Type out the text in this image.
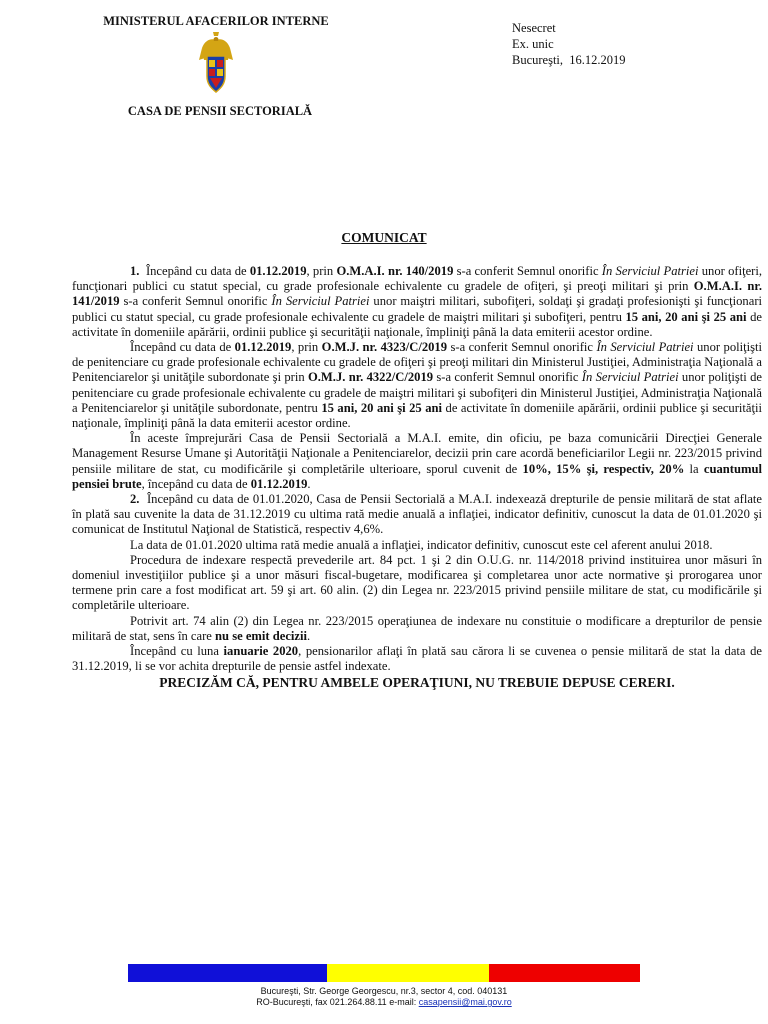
MINISTERUL AFACERILOR INTERNE
CASA DE PENSII SECTORIALĂ
Nesecret
Ex. unic
Bucureşti,  16.12.2019
COMUNICAT

1.  Începând cu data de 01.12.2019, prin O.M.A.I. nr. 140/2019 s-a conferit Semnul onorific În Serviciul Patriei unor ofiţeri, funcţionari publici cu statut special, cu grade profesionale echivalente cu gradele de ofiţeri, şi preoţi militari şi prin O.M.A.I. nr. 141/2019 s-a conferit Semnul onorific În Serviciul Patriei unor maiştri militari, subofiţeri, soldaţi şi gradaţi profesionişti şi funcţionari publici cu statut special, cu grade profesionale echivalente cu gradele de maiştri militari şi subofiţeri, pentru 15 ani, 20 ani şi 25 ani de activitate în domeniile apărării, ordinii publice şi securităţii naţionale, împliniţi până la data emiterii acestor ordine.

Începând cu data de 01.12.2019, prin O.M.J. nr. 4323/C/2019 s-a conferit Semnul onorific În Serviciul Patriei unor poliţişti de penitenciare cu grade profesionale echivalente cu gradele de ofiţeri şi preoţi militari din Ministerul Justiţiei, Administraţia Naţională a Penitenciarelor şi unităţile subordonate şi prin O.M.J. nr. 4322/C/2019 s-a conferit Semnul onorific În Serviciul Patriei unor poliţişti de penitenciare cu grade profesionale echivalente cu gradele de maiştri militari şi subofiţeri din Ministerul Justiţiei, Administraţia Naţională a Penitenciarelor şi unităţile subordonate, pentru 15 ani, 20 ani şi 25 ani de activitate în domeniile apărării, ordinii publice şi securităţii naţionale, împliniţi până la data emiterii acestor ordine.

În aceste împrejurări Casa de Pensii Sectorială a M.A.I. emite, din oficiu, pe baza comunicării Direcţiei Generale Management Resurse Umane şi Autorităţii Naţionale a Penitenciarelor, decizii prin care acordă beneficiarilor Legii nr. 223/2015 privind pensiile militare de stat, cu modificările şi completările ulterioare, sporul cuvenit de 10%, 15% şi, respectiv, 20% la cuantumul pensiei brute, începând cu data de 01.12.2019.

2.  Începând cu data de 01.01.2020, Casa de Pensii Sectorială a M.A.I. indexează drepturile de pensie militară de stat aflate în plată sau cuvenite la data de 31.12.2019 cu ultima rată medie anuală a inflaţiei, indicator definitiv, cunoscut la data de 01.01.2020 şi comunicat de Institutul Naţional de Statistică, respectiv 4,6%.

La data de 01.01.2020 ultima rată medie anuală a inflaţiei, indicator definitiv, cunoscut este cel aferent anului 2018.

Procedura de indexare respectă prevederile art. 84 pct. 1 şi 2 din O.U.G. nr. 114/2018 privind instituirea unor măsuri în domeniul investiţiilor publice şi a unor măsuri fiscal-bugetare, modificarea şi completarea unor acte normative şi prorogarea unor termene prin care a fost modificat art. 59 şi art. 60 alin. (2) din Legea nr. 223/2015 privind pensiile militare de stat, cu modificările şi completările ulterioare.

Potrivit art. 74 alin (2) din Legea nr. 223/2015 operaţiunea de indexare nu constituie o modificare a drepturilor de pensie militară de stat, sens în care nu se emit decizii.

Începând cu luna ianuarie 2020, pensionarilor aflaţi în plată sau cărora li se cuvenea o pensie militară de stat la data de 31.12.2019, li se vor achita drepturile de pensie astfel indexate.

PRECIZĂM CĂ, PENTRU AMBELE OPERAŢIUNI, NU TREBUIE DEPUSE CERERI.

Bucureşti, Str. George Georgescu, nr.3, sector 4, cod. 040131
RO-Bucureşti, fax 021.264.88.11 e-mail: casapensii@mai.gov.ro
